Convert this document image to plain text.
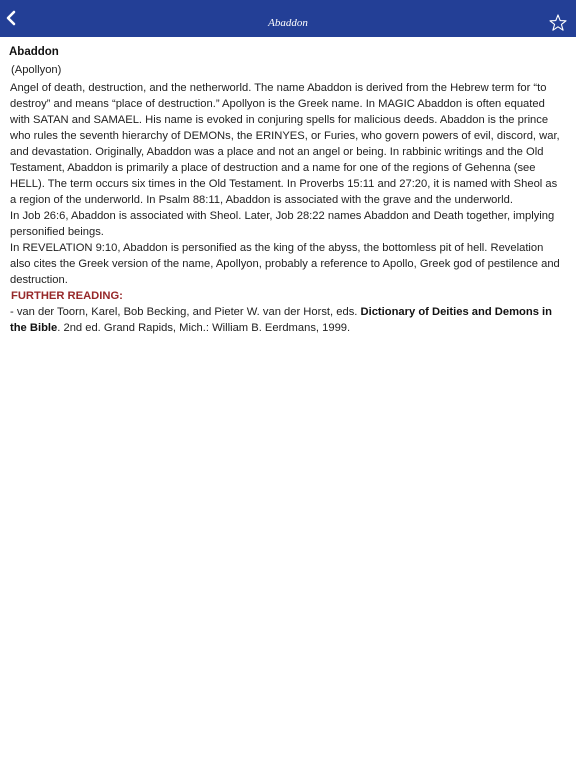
Abaddon
Abaddon
(Apollyon)
Angel of death, destruction, and the netherworld. The name Abaddon is derived from the Hebrew term for “to destroy” and means “place of destruction.” Apollyon is the Greek name. In MAGIC Abaddon is often equated with SATAN and SAMAEL. His name is evoked in conjuring spells for malicious deeds. Abaddon is the prince who rules the seventh hierarchy of DEMONs, the ERINYES, or Furies, who govern powers of evil, discord, war, and devastation. Originally, Abaddon was a place and not an angel or being. In rabbinic writings and the Old Testament, Abaddon is primarily a place of destruction and a name for one of the regions of Gehenna (see HELL). The term occurs six times in the Old Testament. In Proverbs 15:11 and 27:20, it is named with Sheol as a region of the underworld. In Psalm 88:11, Abaddon is associated with the grave and the underworld.
In Job 26:6, Abaddon is associated with Sheol. Later, Job 28:22 names Abaddon and Death together, implying personified beings.
In REVELATION 9:10, Abaddon is personified as the king of the abyss, the bottomless pit of hell. Revelation also cites the Greek version of the name, Apollyon, probably a reference to Apollo, Greek god of pestilence and destruction.
FURTHER READING:
- van der Toorn, Karel, Bob Becking, and Pieter W. van der Horst, eds. Dictionary of Deities and Demons in the Bible. 2nd ed. Grand Rapids, Mich.: William B. Eerdmans, 1999.
